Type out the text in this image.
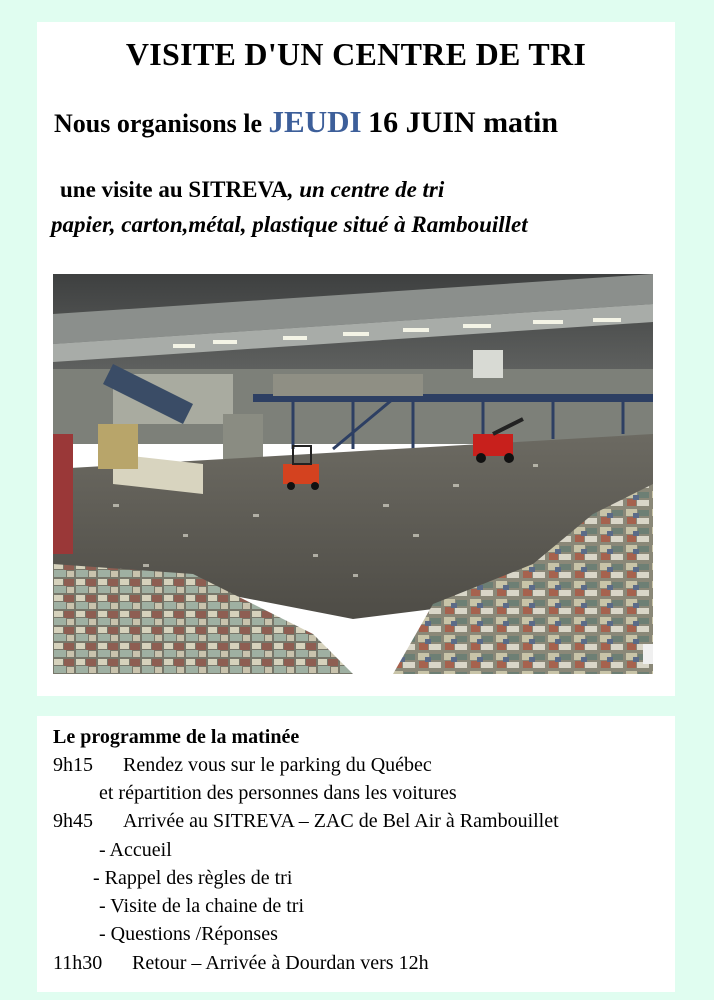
VISITE D'UN CENTRE DE TRI
Nous organisons le JEUDI 16 JUIN matin
une visite au SITREVA, un centre de tri
papier, carton,métal, plastique situé à Rambouillet
Le programme de la matinée
9h15 Rendez vous sur le parking du Québec
et répartition des personnes dans les voitures
9h45 Arrivée au SITREVA – ZAC de Bel Air à Rambouillet
- Accueil
- Rappel des règles de tri
- Visite de la chaine de tri
- Questions /Réponses
11h30 Retour – Arrivée à Dourdan vers 12h
